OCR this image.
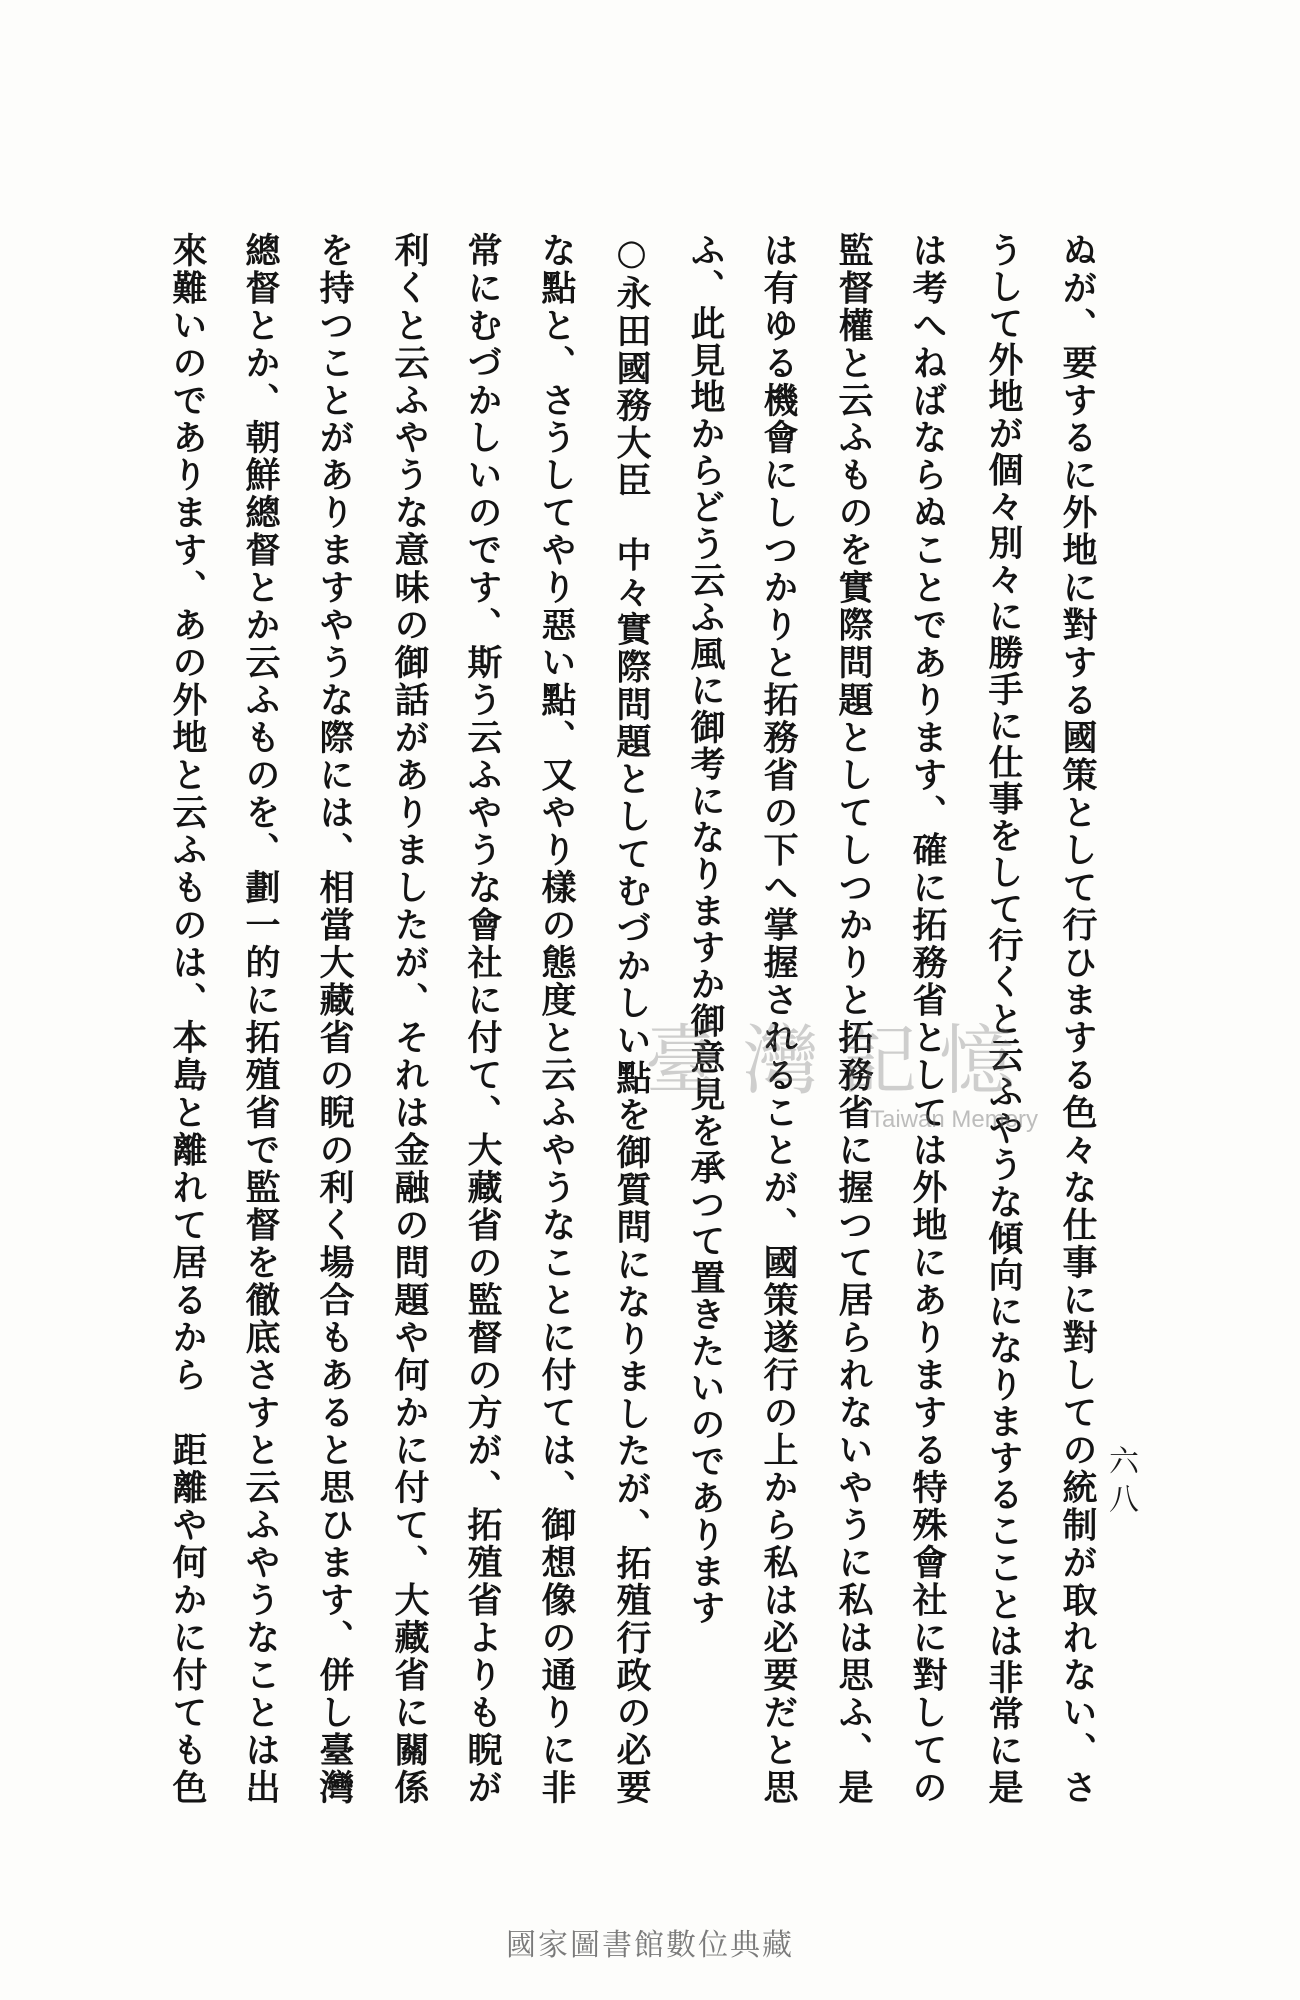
ぬが、要するに外地に對する國策として行ひまする色々な仕事に對しての統制が取れない、さ
うして外地が個々別々に勝手に仕事をして行くと云ふやうな傾向になりまするこことは非常に是
は考へねばならぬことであります、確に拓務省としては外地にありまする特殊會社に對しての
監督權と云ふものを實際問題としてしつかりと拓務省に握つて居られないやうに私は思ふ、是
は有ゆる機會にしつかりと拓務省の下へ掌握されることが、國策遂行の上から私は必要だと思
ふ、此見地からどう云ふ風に御考になりますか御意見を承つて置きたいのであります
○永田國務大臣　中々實際問題としてむづかしい點を御質問になりましたが、拓殖行政の必要
な點と、さうしてやり惡い點、又やり樣の態度と云ふやうなことに付ては、御想像の通りに非
常にむづかしいのです、斯う云ふやうな會社に付て、大藏省の監督の方が、拓殖省よりも睨が
利くと云ふやうな意味の御話がありましたが、それは金融の問題や何かに付て、大藏省に關係
を持つことがありますやうな際には、相當大藏省の睨の利く場合もあると思ひます、併し臺灣
總督とか、朝鮮總督とか云ふものを、劃一的に拓殖省で監督を徹底さすと云ふやうなことは出
來難いのであります、あの外地と云ふものは、本島と離れて居るから　距離や何かに付ても色	六八
臺灣記憶
Taiwan Memory
國家圖書館數位典藏
